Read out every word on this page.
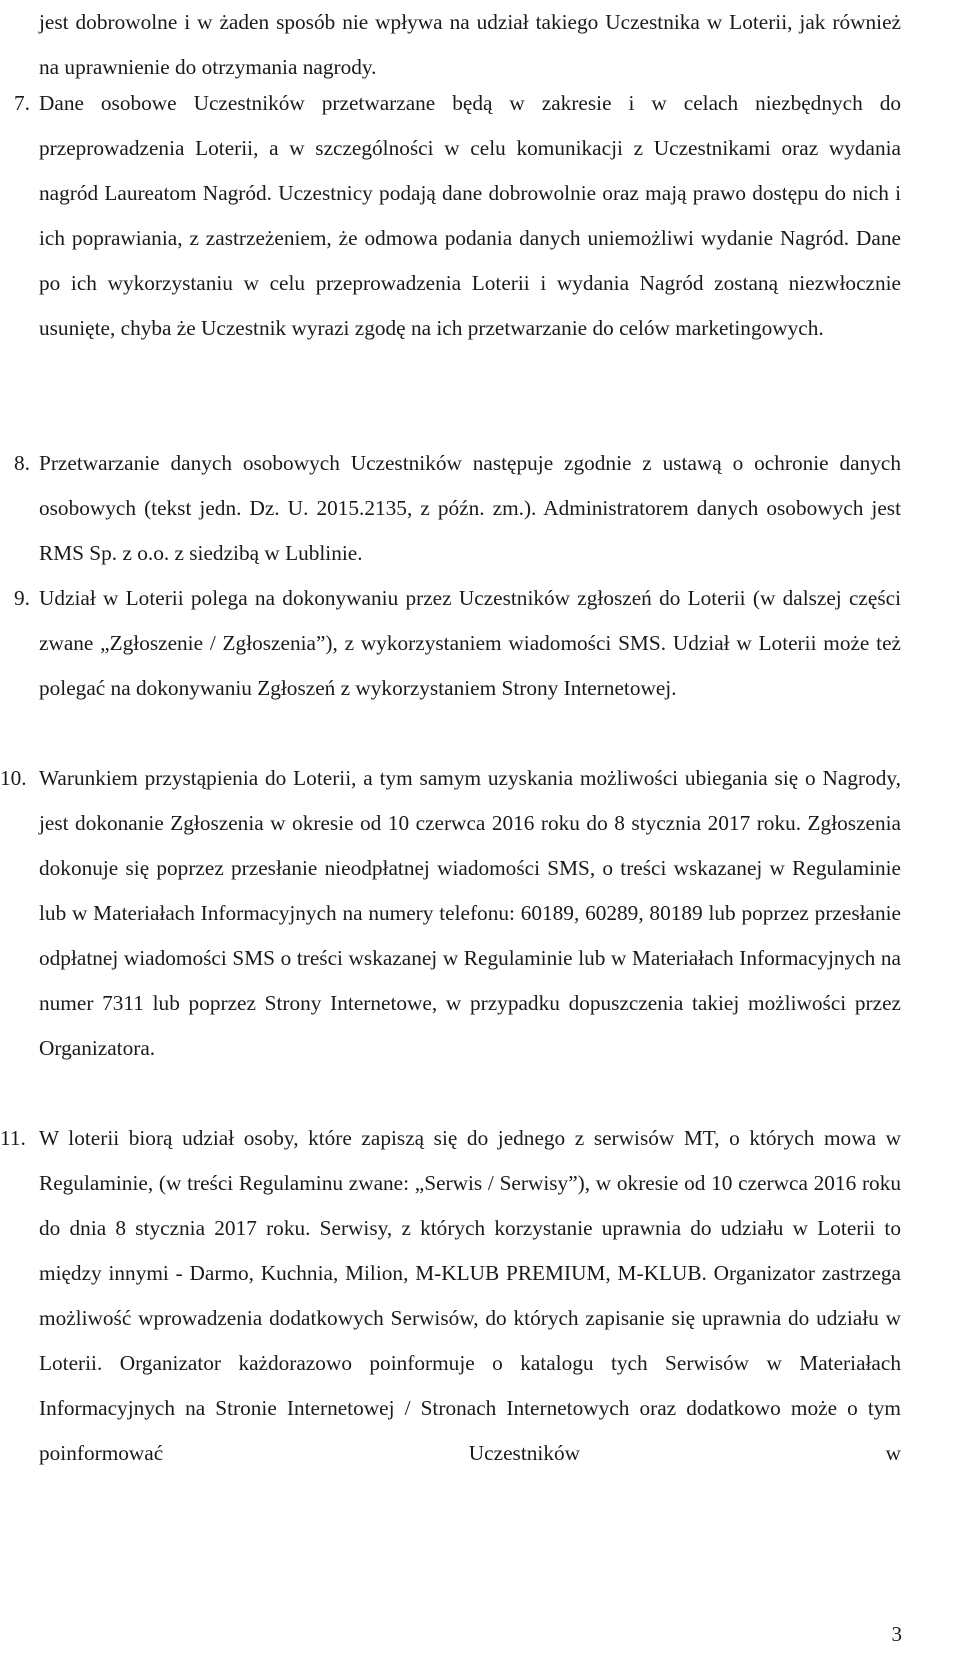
jest dobrowolne i w żaden sposób nie wpływa na udział takiego Uczestnika w Loterii, jak również na uprawnienie do otrzymania nagrody.

7. Dane osobowe Uczestników przetwarzane będą w zakresie i w celach niezbędnych do przeprowadzenia Loterii, a w szczególności w celu komunikacji z Uczestnikami oraz wydania nagród Laureatom Nagród. Uczestnicy podają dane dobrowolnie oraz mają prawo dostępu do nich i ich poprawiania, z zastrzeżeniem, że odmowa podania danych uniemożliwi wydanie Nagród. Dane po ich wykorzystaniu w celu przeprowadzenia Loterii i wydania Nagród zostaną niezwłocznie usunięte, chyba że Uczestnik wyrazi zgodę na ich przetwarzanie do celów marketingowych.
8. Przetwarzanie danych osobowych Uczestników następuje zgodnie z ustawą o ochronie danych osobowych (tekst jedn. Dz. U. 2015.2135, z późn. zm.). Administratorem danych osobowych jest RMS Sp. z o.o. z siedzibą w Lublinie.
9. Udział w Loterii polega na dokonywaniu przez Uczestników zgłoszeń do Loterii (w dalszej części zwane „Zgłoszenie / Zgłoszenia”), z wykorzystaniem wiadomości SMS. Udział w Loterii może też polegać na dokonywaniu Zgłoszeń z wykorzystaniem Strony Internetowej.
10. Warunkiem przystąpienia do Loterii, a tym samym uzyskania możliwości ubiegania się o Nagrody, jest dokonanie Zgłoszenia w okresie od 10 czerwca 2016 roku do 8 stycznia 2017 roku. Zgłoszenia dokonuje się poprzez przesłanie nieodpłatnej wiadomości SMS, o treści wskazanej w Regulaminie lub w Materiałach Informacyjnych na numery telefonu: 60189, 60289, 80189 lub poprzez przesłanie odpłatnej wiadomości SMS o treści wskazanej w Regulaminie lub w Materiałach Informacyjnych na numer 7311 lub poprzez Strony Internetowe, w przypadku dopuszczenia takiej możliwości przez Organizatora.
11. W loterii biorą udział osoby, które zapiszą się do jednego z serwisów MT, o których mowa w Regulaminie, (w treści Regulaminu zwane: „Serwis / Serwisy”), w okresie od 10 czerwca 2016 roku do dnia 8 stycznia 2017 roku. Serwisy, z których korzystanie uprawnia do udziału w Loterii to między innymi - Darmo, Kuchnia, Milion, M-KLUB PREMIUM, M-KLUB. Organizator zastrzega możliwość wprowadzenia dodatkowych Serwisów, do których zapisanie się uprawnia do udziału w Loterii. Organizator każdorazowo poinformuje o katalogu tych Serwisów w Materiałach Informacyjnych na Stronie Internetowej / Stronach Internetowych oraz dodatkowo może o tym poinformować Uczestników w
3
